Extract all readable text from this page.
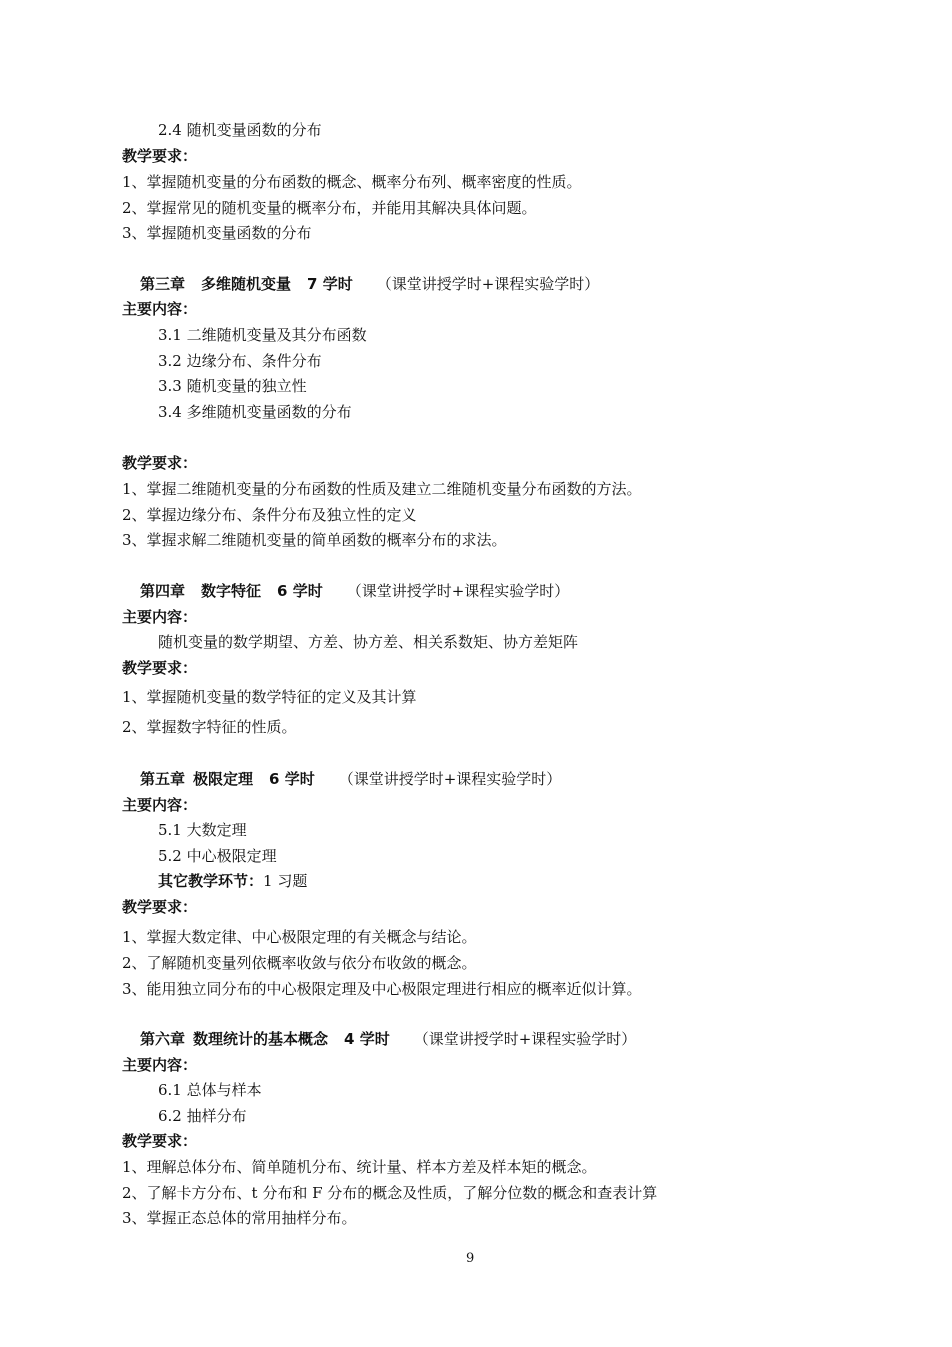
2.4 随机变量函数的分布
教学要求：
1、掌握随机变量的分布函数的概念、概率分布列、概率密度的性质。
2、掌握常见的随机变量的概率分布，并能用其解决具体问题。
3、掌握随机变量函数的分布
第三章 多维随机变量 7 学时 （课堂讲授学时+课程实验学时）
主要内容：
3.1 二维随机变量及其分布函数
3.2 边缘分布、条件分布
3.3 随机变量的独立性
3.4 多维随机变量函数的分布
教学要求：
1、掌握二维随机变量的分布函数的性质及建立二维随机变量分布函数的方法。
2、掌握边缘分布、条件分布及独立性的定义
3、掌握求解二维随机变量的简单函数的概率分布的求法。
第四章 数字特征 6 学时 （课堂讲授学时+课程实验学时）
主要内容：
随机变量的数学期望、方差、协方差、相关系数矩、协方差矩阵
教学要求：
1、掌握随机变量的数学特征的定义及其计算
2、掌握数字特征的性质。
第五章 极限定理 6 学时 （课堂讲授学时+课程实验学时）
主要内容：
5.1 大数定理
5.2 中心极限定理
其它教学环节：1 习题
教学要求：
1、掌握大数定律、中心极限定理的有关概念与结论。
2、了解随机变量列依概率收敛与依分布收敛的概念。
3、能用独立同分布的中心极限定理及中心极限定理进行相应的概率近似计算。
第六章 数理统计的基本概念 4 学时 （课堂讲授学时+课程实验学时）
主要内容：
6.1 总体与样本
6.2 抽样分布
教学要求：
1、理解总体分布、简单随机分布、统计量、样本方差及样本矩的概念。
2、了解卡方分布、t 分布和 F 分布的概念及性质，了解分位数的概念和查表计算
3、掌握正态总体的常用抽样分布。
9
